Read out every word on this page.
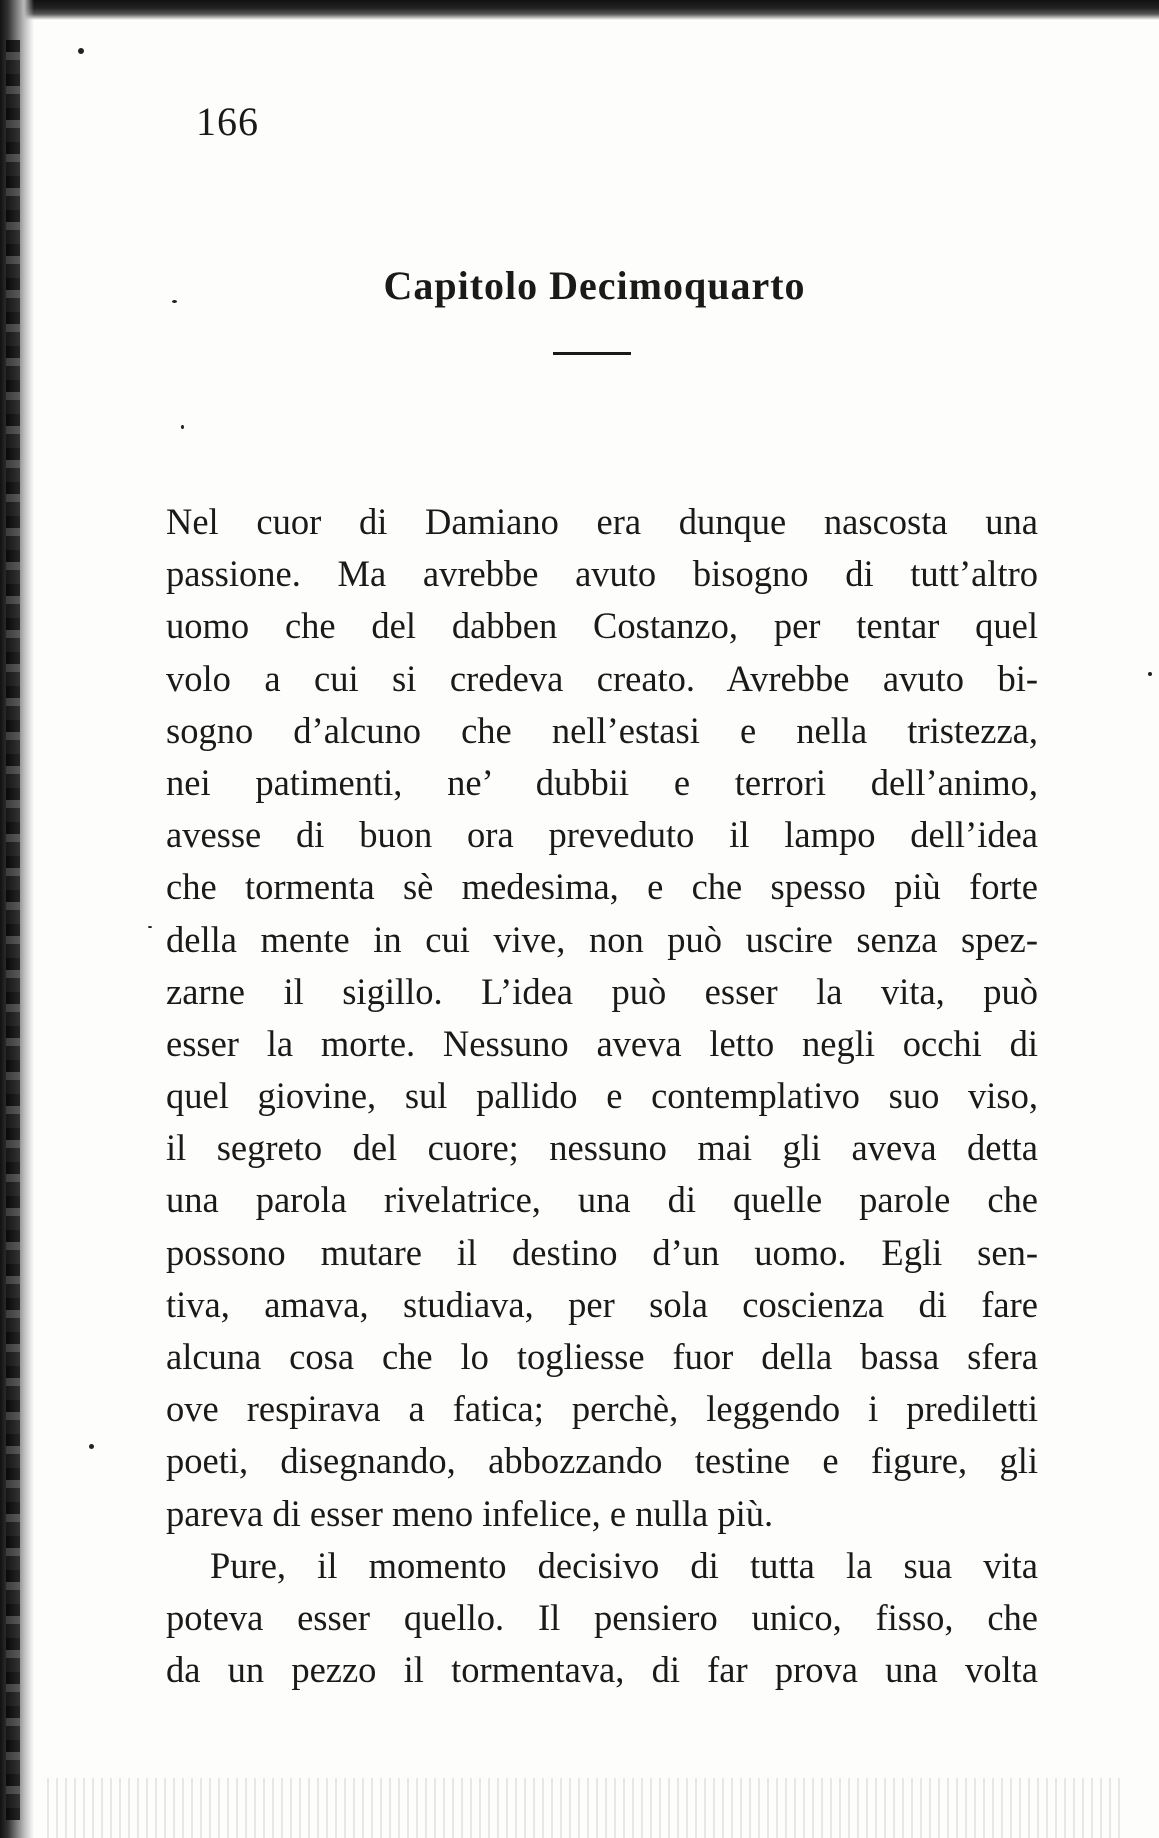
166
Capitolo Decimoquarto
Nel cuor di Damiano era dunque nascosta una
passione. Ma avrebbe avuto bisogno di tutt’altro
uomo che del dabben Costanzo, per tentar quel
volo a cui si credeva creato. Avrebbe avuto bi-
sogno d’alcuno che nell’estasi e nella tristezza,
nei patimenti, ne’ dubbii e terrori dell’animo,
avesse di buon ora preveduto il lampo dell’idea
che tormenta sè medesima, e che spesso più forte
della mente in cui vive, non può uscire senza spez-
zarne il sigillo. L’idea può esser la vita, può
esser la morte. Nessuno aveva letto negli occhi di
quel giovine, sul pallido e contemplativo suo viso,
il segreto del cuore; nessuno mai gli aveva detta
una parola rivelatrice, una di quelle parole che
possono mutare il destino d’un uomo. Egli sen-
tiva, amava, studiava, per sola coscienza di fare
alcuna cosa che lo togliesse fuor della bassa sfera
ove respirava a fatica; perchè, leggendo i prediletti
poeti, disegnando, abbozzando testine e figure, gli
pareva di esser meno infelice, e nulla più.
Pure, il momento decisivo di tutta la sua vita
poteva esser quello. Il pensiero unico, fisso, che
da un pezzo il tormentava, di far prova una volta
